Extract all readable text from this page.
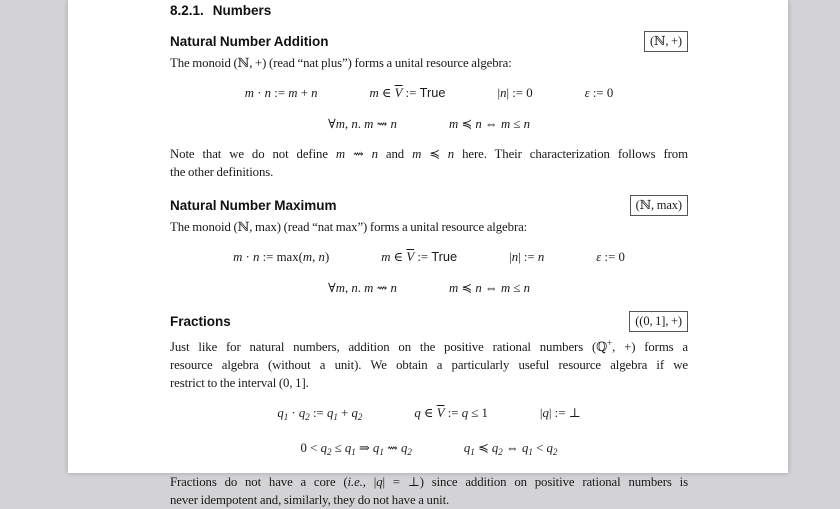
8.2.1. Numbers
Natural Number Addition	(ℕ, +)
The monoid (ℕ, +) (read “nat plus”) forms a unital resource algebra:
m · n := m + n	m ∈ $\overline{V}$ := True	|n| := 0	ε := 0
∀m, n. m ⇝ n	m ≼ n ⇔ m ≤ n
Note that we do not define m ⇝ n and m ≼ n here. Their characterization follows from
the other definitions.
Natural Number Maximum	(ℕ, max)
The monoid (ℕ, max) (read “nat max”) forms a unital resource algebra:
m · n := max(m, n)	m ∈ $\overline{V}$ := True	|n| := n	ε := 0
∀m, n. m ⇝ n	m ≼ n ⇔ m ≤ n
Fractions	((0, 1], +)
Just like for natural numbers, addition on the positive rational numbers (ℚ+, +) forms a
resource algebra (without a unit). We obtain a particularly useful resource algebra if we
restrict to the interval (0, 1].
$q_1 \cdot q_2$ := $q_1 + q_2$	q ∈ $\overline{V}$ := q ≤ 1	|q| := ⊥
$0 < q_2 \le q_1$ ⇒ $q_1$ ⇝ $q_2$	$q_1$ ≼ $q_2$ ⇔ $q_1 < q_2$
Fractions do not have a core (i.e., |q| = ⊥) since addition on positive rational numbers is
never idempotent and, similarly, they do not have a unit.
